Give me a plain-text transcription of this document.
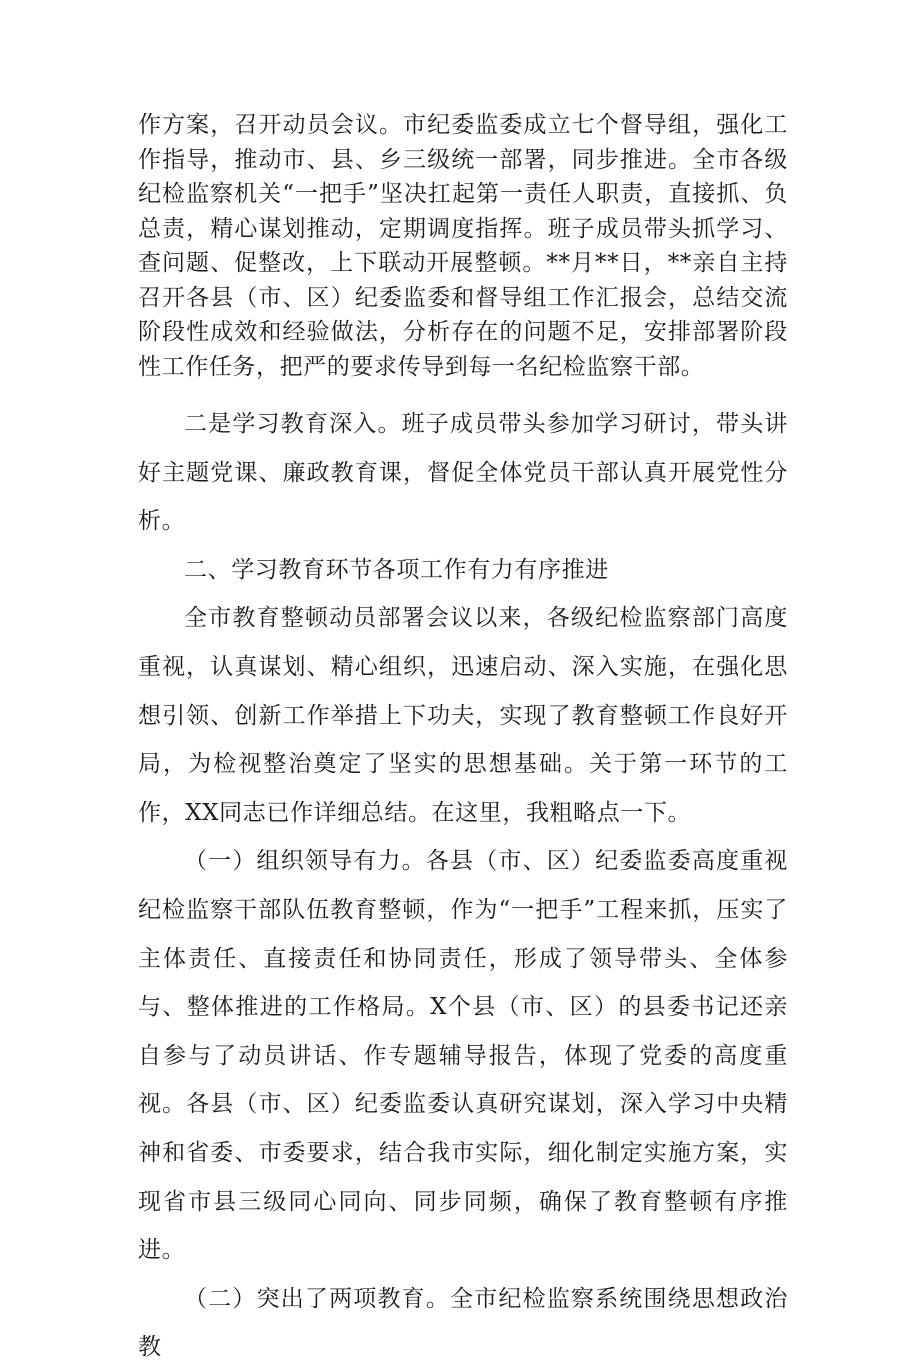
作方案，召开动员会议。市纪委监委成立七个督导组，强化工作指导，推动市、县、乡三级统一部署，同步推进。全市各级纪检监察机关“一把手”坚决扛起第一责任人职责，直接抓、负总责，精心谋划推动，定期调度指挥。班子成员带头抓学习、查问题、促整改，上下联动开展整顿。**月**日，**亲自主持召开各县（市、区）纪委监委和督导组工作汇报会，总结交流阶段性成效和经验做法，分析存在的问题不足，安排部署阶段性工作任务，把严的要求传导到每一名纪检监察干部。

二是学习教育深入。班子成员带头参加学习研讨，带头讲好主题党课、廉政教育课，督促全体党员干部认真开展党性分析。

二、学习教育环节各项工作有力有序推进

全市教育整顿动员部署会议以来，各级纪检监察部门高度重视，认真谋划、精心组织，迅速启动、深入实施，在强化思想引领、创新工作举措上下功夫，实现了教育整顿工作良好开局，为检视整治奠定了坚实的思想基础。关于第一环节的工作，XX同志已作详细总结。在这里，我粗略点一下。

（一）组织领导有力。各县（市、区）纪委监委高度重视纪检监察干部队伍教育整顿，作为“一把手”工程来抓，压实了主体责任、直接责任和协同责任，形成了领导带头、全体参与、整体推进的工作格局。X个县（市、区）的县委书记还亲自参与了动员讲话、作专题辅导报告，体现了党委的高度重视。各县（市、区）纪委监委认真研究谋划，深入学习中央精神和省委、市委要求，结合我市实际，细化制定实施方案，实现省市县三级同心同向、同步同频，确保了教育整顿有序推进。

（二）突出了两项教育。全市纪检监察系统围绕思想政治教
